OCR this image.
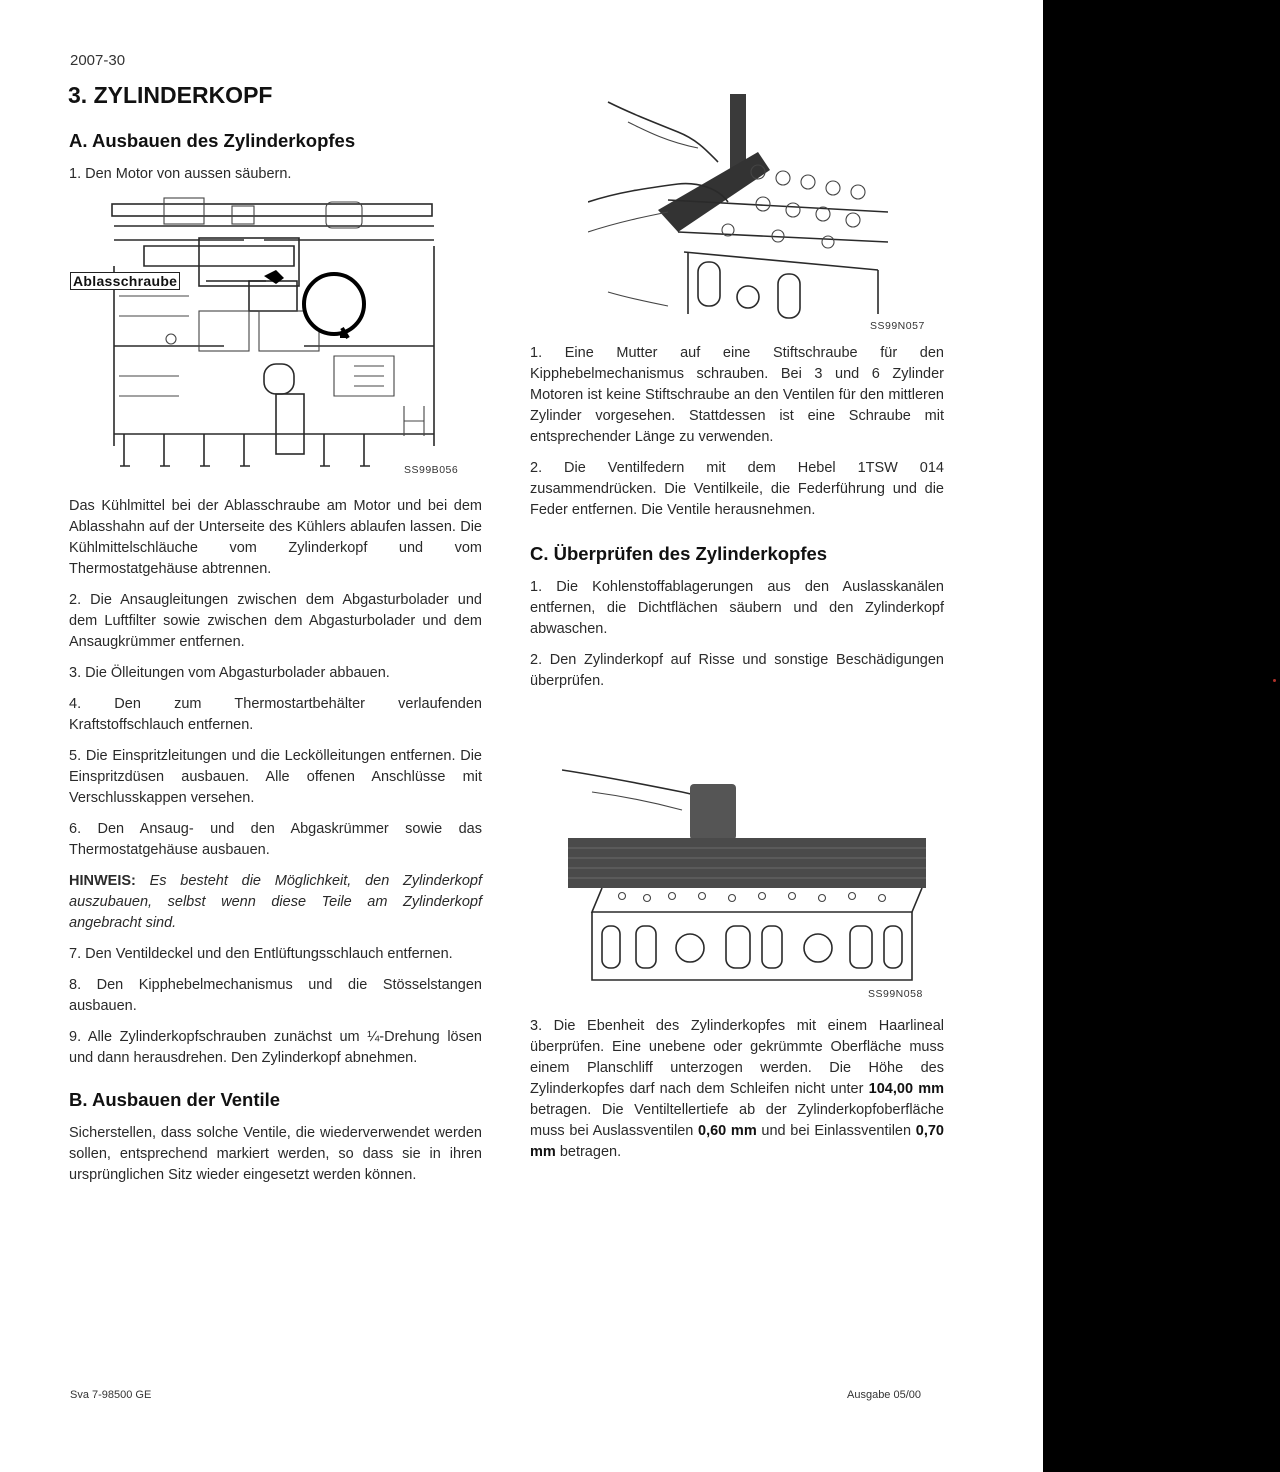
2007-30
3. ZYLINDERKOPF
A. Ausbauen des Zylinderkopfes

1. Den Motor von aussen säubern.

Ablasschraube
SS99B056

Das Kühlmittel bei der Ablasschraube am Motor und bei dem Ablasshahn auf der Unterseite des Kühlers ablaufen lassen. Die Kühlmittelschläuche vom Zylinderkopf und vom Thermostatgehäuse abtrennen.

2. Die Ansaugleitungen zwischen dem Abgasturbolader und dem Luftfilter sowie zwischen dem Abgasturbolader und dem Ansaugkrümmer entfernen.

3. Die Ölleitungen vom Abgasturbolader abbauen.

4. Den zum Thermostartbehälter verlaufenden Kraftstoffschlauch entfernen.

5. Die Einspritzleitungen und die Leckölleitungen entfernen. Die Einspritzdüsen ausbauen. Alle offenen Anschlüsse mit Verschlusskappen versehen.

6. Den Ansaug- und den Abgaskrümmer sowie das Thermostatgehäuse ausbauen.

HINWEIS: Es besteht die Möglichkeit, den Zylinderkopf auszubauen, selbst wenn diese Teile am Zylinderkopf angebracht sind.

7. Den Ventildeckel und den Entlüftungsschlauch entfernen.

8. Den Kipphebelmechanismus und die Stösselstangen ausbauen.

9. Alle Zylinderkopfschrauben zunächst um ¼-Drehung lösen und dann herausdrehen. Den Zylinderkopf abnehmen.

B. Ausbauen der Ventile

Sicherstellen, dass solche Ventile, die wiederverwendet werden sollen, entsprechend markiert werden, so dass sie in ihren ursprünglichen Sitz wieder eingesetzt werden können.

SS99N057

1. Eine Mutter auf eine Stiftschraube für den Kipphebelmechanismus schrauben. Bei 3 und 6 Zylinder Motoren ist keine Stiftschraube an den Ventilen für den mittleren Zylinder vorgesehen. Stattdessen ist eine Schraube mit entsprechender Länge zu verwenden.

2. Die Ventilfedern mit dem Hebel 1TSW 014 zusammendrücken. Die Ventilkeile, die Federführung und die Feder entfernen. Die Ventile herausnehmen.

C. Überprüfen des Zylinderkopfes

1. Die Kohlenstoffablagerungen aus den Auslasskanälen entfernen, die Dichtflächen säubern und den Zylinderkopf abwaschen.

2. Den Zylinderkopf auf Risse und sonstige Beschädigungen überprüfen.

SS99N058

3. Die Ebenheit des Zylinderkopfes mit einem Haarlineal überprüfen. Eine unebene oder gekrümmte Oberfläche muss einem Planschliff unterzogen werden. Die Höhe des Zylinderkopfes darf nach dem Schleifen nicht unter 104,00 mm betragen. Die Ventiltellertiefe ab der Zylinderkopfoberfläche muss bei Auslassventilen 0,60 mm und bei Einlassventilen 0,70 mm betragen.

Sva 7-98500 GE	Ausgabe 05/00
